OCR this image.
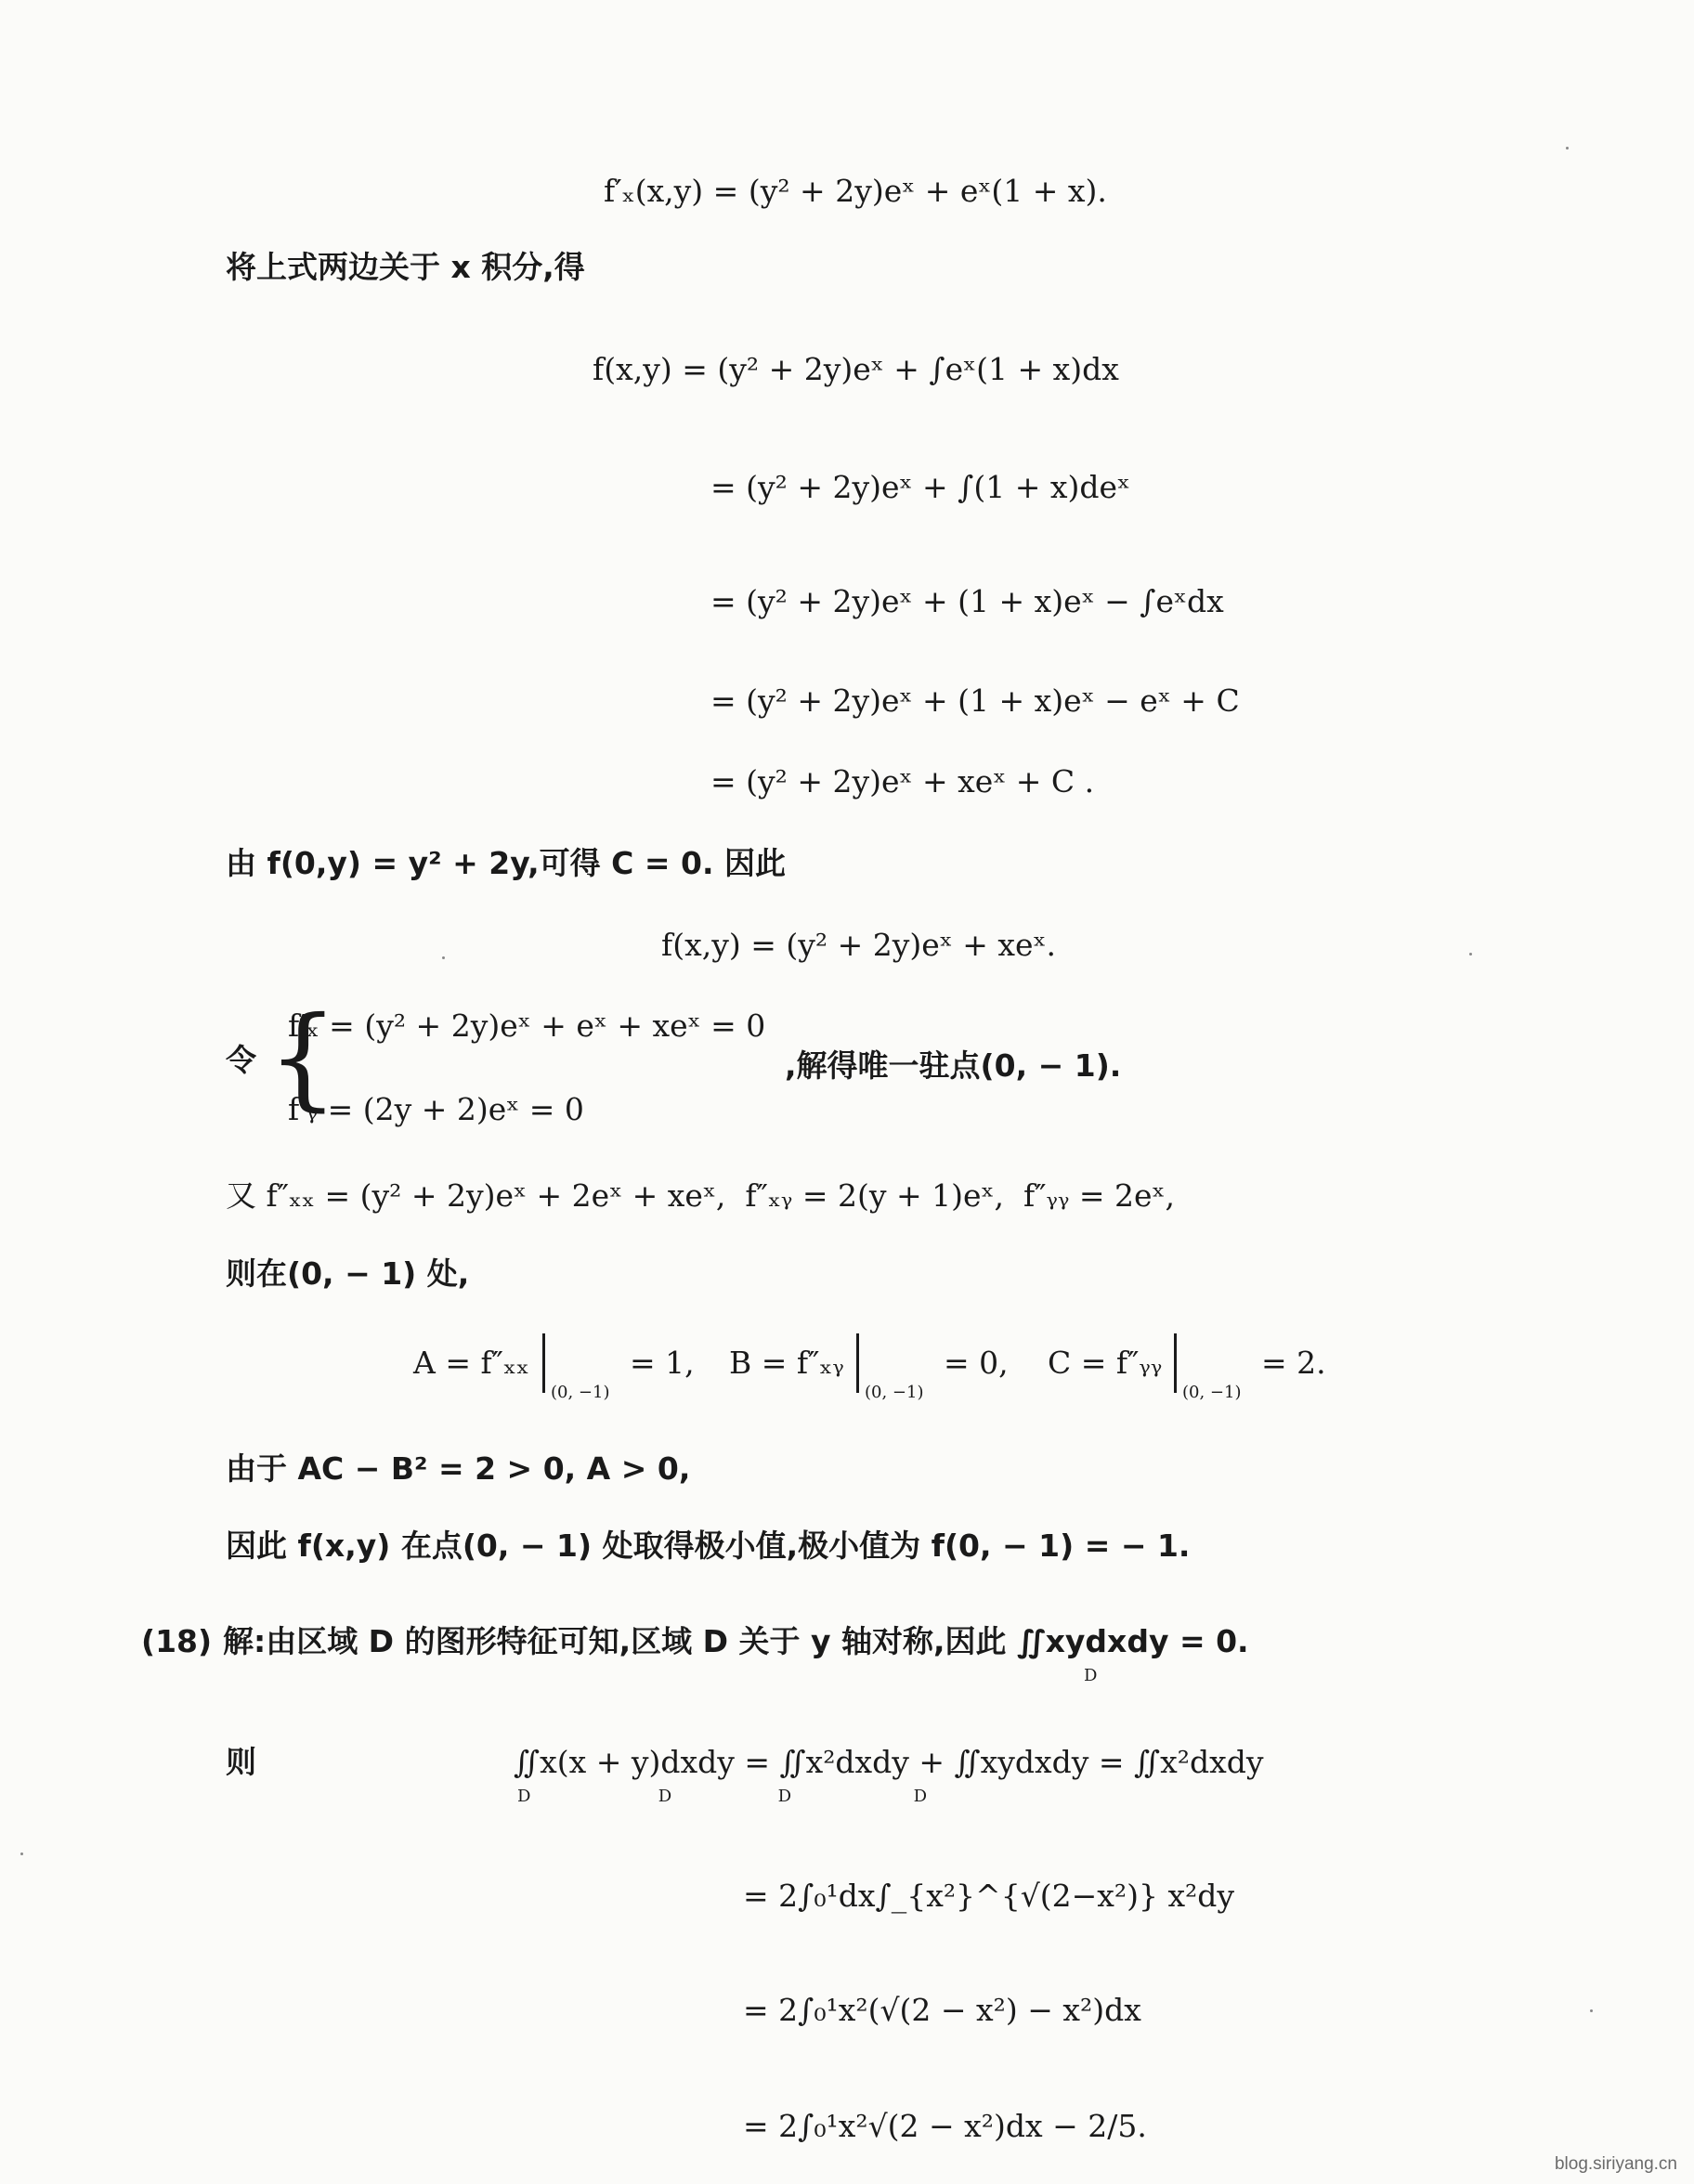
f′ₓ(x,y) = (y² + 2y)eˣ + eˣ(1 + x).
将上式两边关于 x 积分,得
f(x,y) = (y² + 2y)eˣ + ∫eˣ(1 + x)dx
= (y² + 2y)eˣ + ∫(1 + x)deˣ
= (y² + 2y)eˣ + (1 + x)eˣ − ∫eˣdx
= (y² + 2y)eˣ + (1 + x)eˣ − eˣ + C
= (y² + 2y)eˣ + xeˣ + C .
由 f(0,y) = y² + 2y,可得 C = 0. 因此
f(x,y) = (y² + 2y)eˣ + xeˣ.
令 {
f′ₓ = (y² + 2y)eˣ + eˣ + xeˣ = 0
f′ᵧ = (2y + 2)eˣ = 0
,解得唯一驻点(0, − 1).
又 f″ₓₓ = (y² + 2y)eˣ + 2eˣ + xeˣ,  f″ₓᵧ = 2(y + 1)eˣ,  f″ᵧᵧ = 2eˣ,
则在(0, − 1) 处,
A = f″ₓₓ
(0, −1)
= 1, B = f″ₓᵧ
(0, −1)
= 0, C = f″ᵧᵧ
(0, −1)
= 2.
由于 AC − B² = 2 > 0, A > 0,
因此 f(x,y) 在点(0, − 1) 处取得极小值,极小值为 f(0, − 1) = − 1.
(18) 解:由区域 D 的图形特征可知,区域 D 关于 y 轴对称,因此 ∬xydxdy = 0.
D
则	∬x(x + y)dxdy = ∬x²dxdy + ∬xydxdy = ∬x²dxdy
D                        D                    D                       D
= 2∫₀¹dx∫_{x²}^{√(2−x²)} x²dy
= 2∫₀¹x²(√(2 − x²) − x²)dx
= 2∫₀¹x²√(2 − x²)dx − 2/5.
blog.siriyang.cn
